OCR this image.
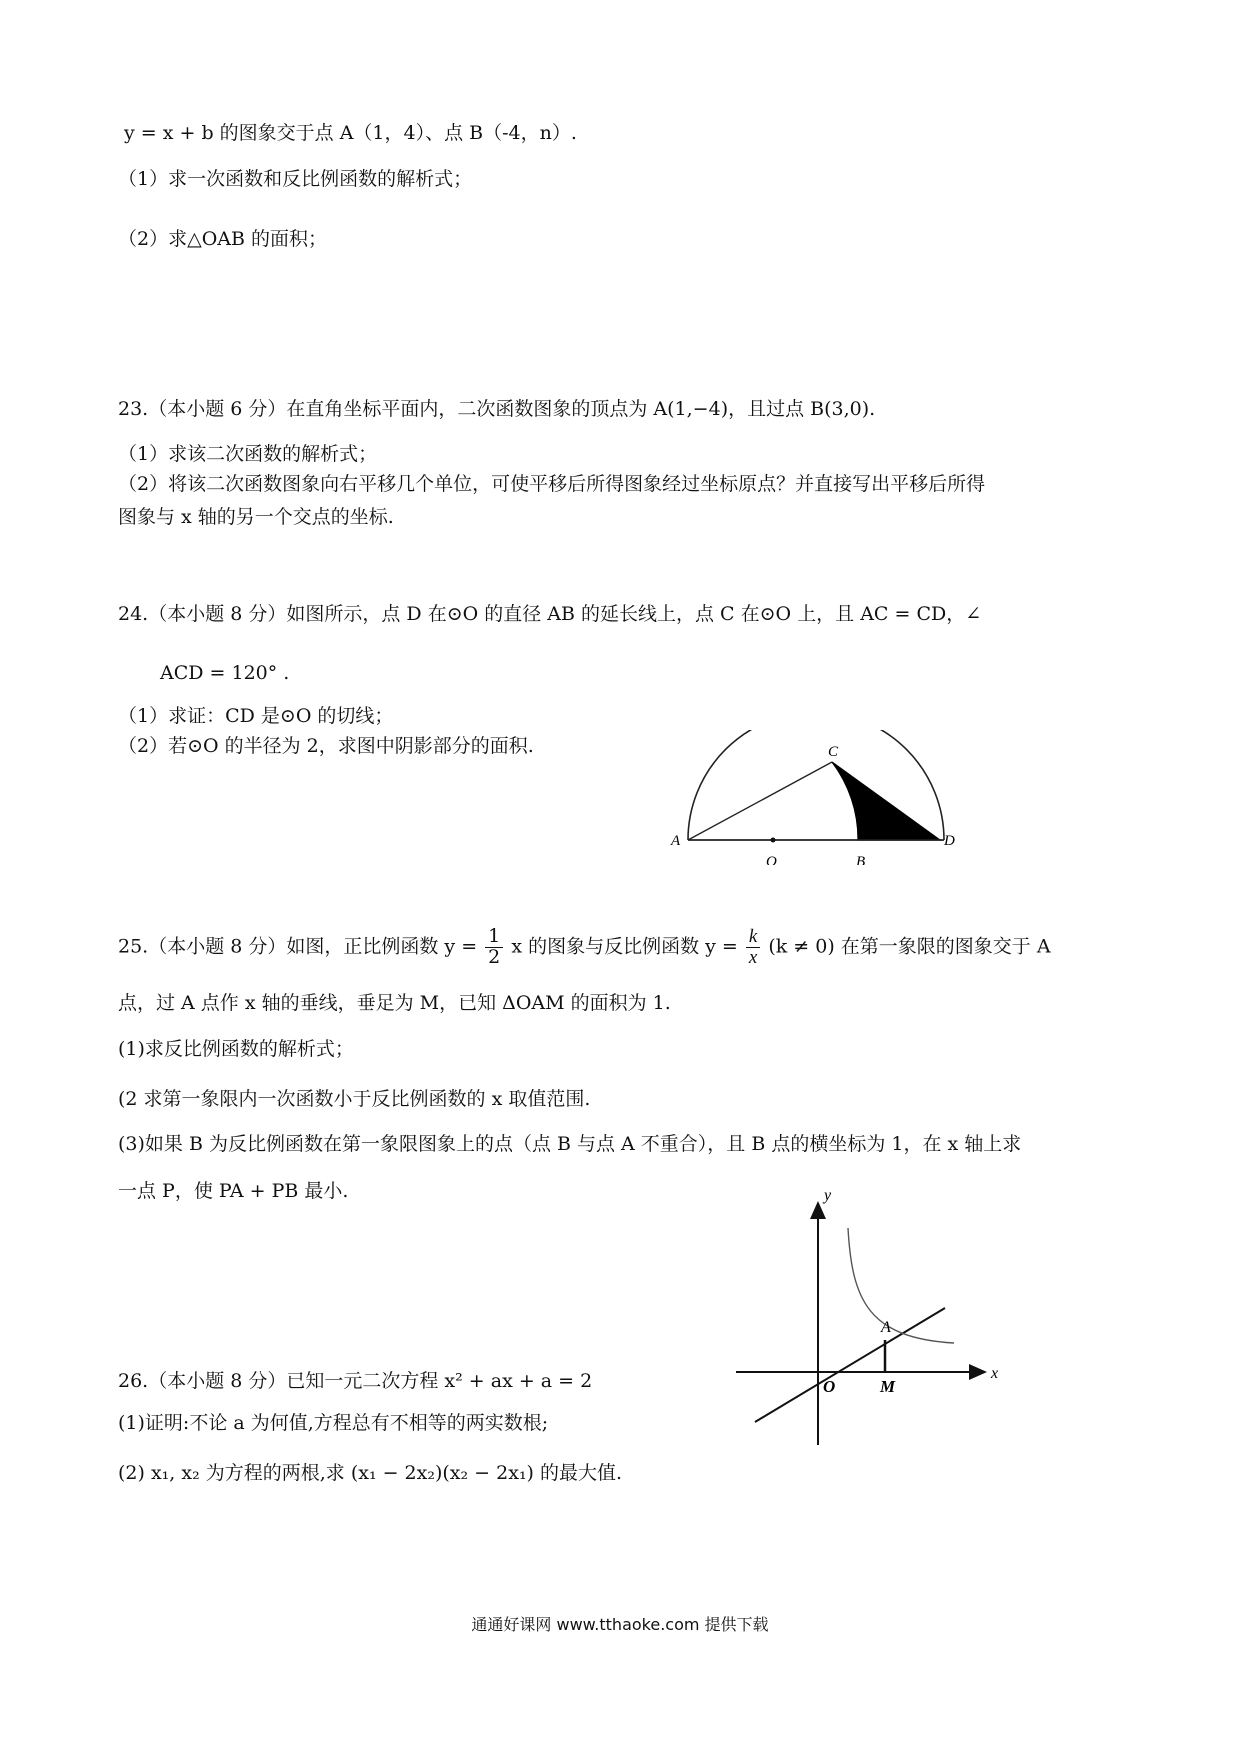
y = x + b 的图象交于点 A（1，4）、点 B（-4，n）.
（1）求一次函数和反比例函数的解析式；
（2）求△OAB 的面积；
23.（本小题 6 分）在直角坐标平面内，二次函数图象的顶点为 A(1,−4)，且过点 B(3,0).
（1）求该二次函数的解析式；
（2）将该二次函数图象向右平移几个单位，可使平移后所得图象经过坐标原点？并直接写出平移后所得
图象与 x 轴的另一个交点的坐标.
24.（本小题 8 分）如图所示，点 D 在⊙O 的直径 AB 的延长线上，点 C 在⊙O 上，且 AC = CD，∠
ACD = 120° .
（1）求证：CD 是⊙O 的切线；
（2）若⊙O 的半径为 2，求图中阴影部分的面积.
A
O	B
C
D
25.（本小题 8 分）如图，正比例函数 $y = \frac{1}{2}$ x 的图象与反比例函数 $y = \frac{k}{x} (k \ne 0)$ 在第一象限的图象交于 A
点，过 A 点作 x 轴的垂线，垂足为 M，已知 ΔOAM 的面积为 1.
(1)求反比例函数的解析式；
(2 求第一象限内一次函数小于反比例函数的 x 取值范围.
(3)如果 B 为反比例函数在第一象限图象上的点（点 B 与点 A 不重合），且 B 点的横坐标为 1，在 x 轴上求
一点 P，使 PA + PB 最小.	y
x
O
A
M
26.（本小题 8 分）已知一元二次方程 x² + ax + a = 2
(1)证明:不论 a 为何值,方程总有不相等的两实数根;
(2) x₁, x₂ 为方程的两根,求 (x₁ − 2x₂)(x₂ − 2x₁) 的最大值.
通通好课网 www.tthaoke.com 提供下载
